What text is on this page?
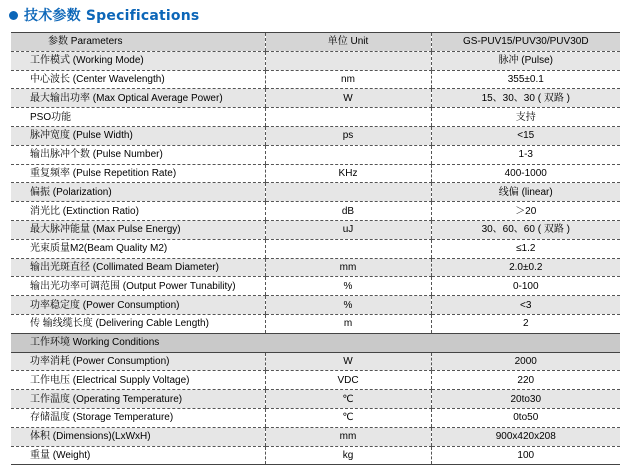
技术参数 Specifications
参数 Parameters	单位 Unit	GS-PUV15/PUV30/PUV30D
工作模式 (Working Mode)		脉冲 (Pulse)
中心波长 (Center Wavelength)	nm	355±0.1
最大输出功率 (Max Optical Average Power)	W	15、30、30 ( 双路 )
PSO功能		支持
脉冲宽度 (Pulse Width)	ps	<15
输出脉冲个数 (Pulse Number)		1-3
重复频率 (Pulse Repetition Rate)	KHz	400-1000
偏振 (Polarization)		线偏 (linear)
消光比 (Extinction Ratio)	dB	＞20
最大脉冲能量 (Max Pulse Energy)	uJ	30、60、60 ( 双路 )
光束质量M2(Beam Quality M2)		≤1.2
输出光斑直径 (Collimated Beam Diameter)	mm	2.0±0.2
输出光功率可调范围 (Output Power Tunability)	%	0-100
功率稳定度 (Power Consumption)	%	<3
传 输线缆长度 (Delivering Cable Length)	m	2
工作环境 Working Conditions		
功率消耗 (Power Consumption)	W	2000
工作电压 (Electrical Supply Voltage)	VDC	220
工作温度 (Operating Temperature)	℃	20to30
存储温度 (Storage Temperature)	℃	0to50
体积 (Dimensions)(LxWxH)	mm	900x420x208
重量 (Weight)	kg	100
